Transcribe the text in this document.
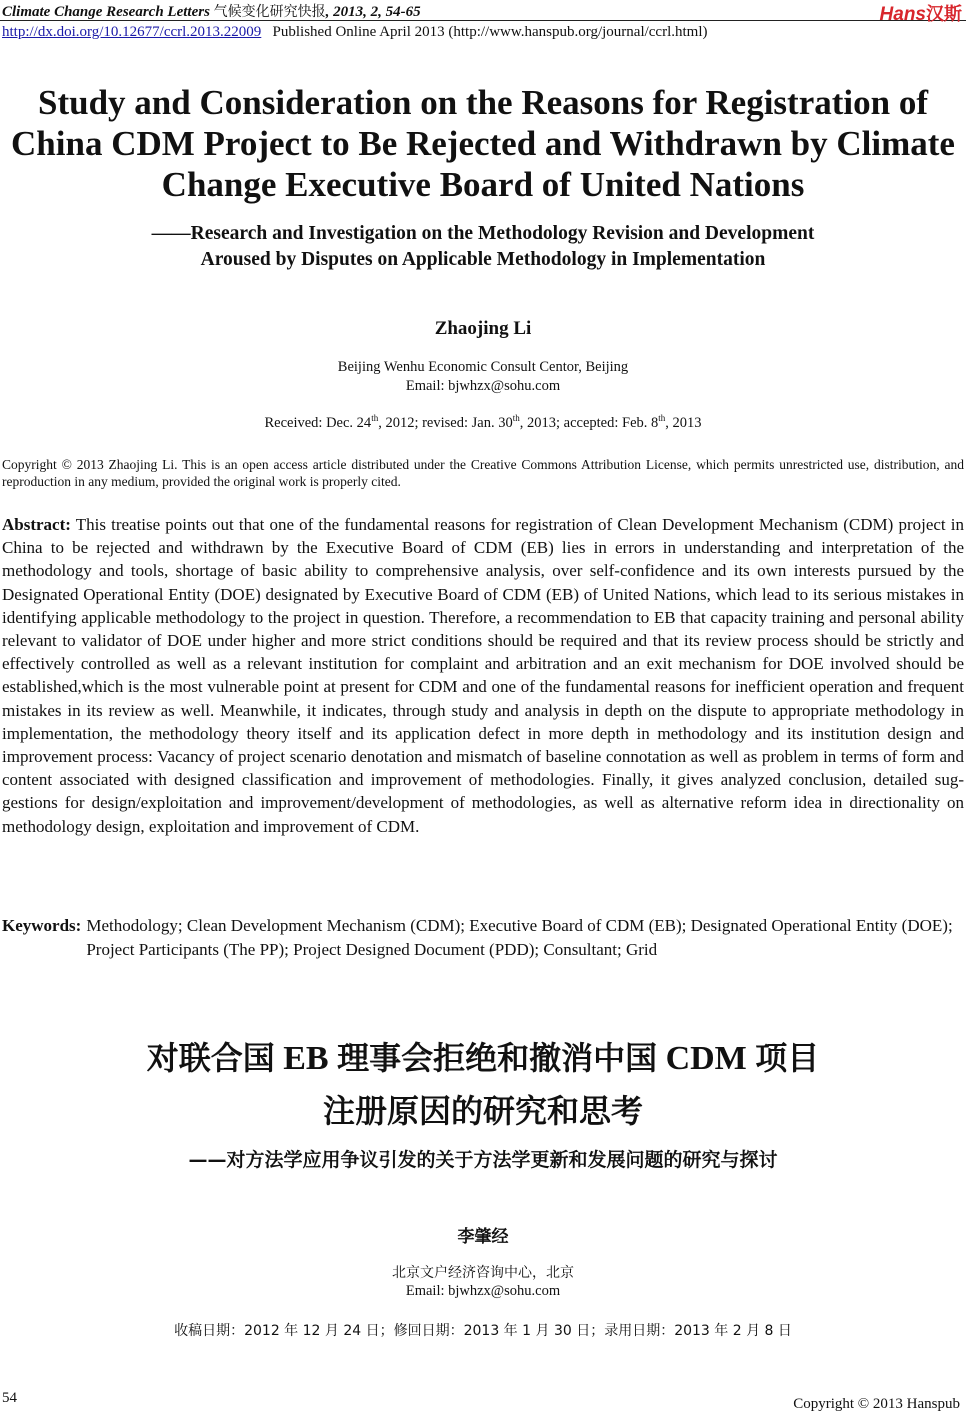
Climate Change Research Letters 气候变化研究快报, 2013, 2, 54-65
http://dx.doi.org/10.12677/ccrl.2013.22009 Published Online April 2013 (http://www.hanspub.org/journal/ccrl.html)
Hans汉斯
Study and Consideration on the Reasons for Registration of China CDM Project to Be Rejected and Withdrawn by Climate Change Executive Board of United Nations
——Research and Investigation on the Methodology Revision and Development
Aroused by Disputes on Applicable Methodology in Implementation
Zhaojing Li
Beijing Wenhu Economic Consult Centor, Beijing
Email: bjwhzx@sohu.com
Received: Dec. 24th, 2012; revised: Jan. 30th, 2013; accepted: Feb. 8th, 2013
Copyright © 2013 Zhaojing Li. This is an open access article distributed under the Creative Commons Attribution License, which permits unrestricted use, distribution, and reproduction in any medium, provided the original work is properly cited.
Abstract: This treatise points out that one of the fundamental reasons for registration of Clean Development Mechanism (CDM) project in China to be rejected and withdrawn by the Executive Board of CDM (EB) lies in errors in understanding and interpretation of the methodology and tools, shortage of basic ability to comprehensive analysis, over self-confidence and its own interests pursued by the Designated Operational Entity (DOE) designated by Executive Board of CDM (EB) of United Nations, which lead to its serious mistakes in identifying applicable methodology to the project in question. Therefore, a recommendation to EB that capacity training and personal ability relevant to validator of DOE under higher and more strict conditions should be required and that its review process should be strictly and effectively controlled as well as a relevant institution for complaint and arbitration and an exit mechanism for DOE involved should be established,which is the most vulnerable point at present for CDM and one of the fundamental reasons for inefficient operation and frequent mistakes in its review as well. Meanwhile, it indicates, through study and analysis in depth on the dispute to appropriate methodology in implementation, the methodology theory itself and its application defect in more depth in methodology and its institution design and improvement process: Vacancy of project scenario denotation and mismatch of baseline connotation as well as problem in terms of form and content associated with designed classification and improvement of methodologies. Finally, it gives analyzed conclusion, detailed suggestions for design/exploitation and improvement/development of methodologies, as well as alternative reform idea in directionality on methodology design, exploitation and improvement of CDM.
Keywords: Methodology; Clean Development Mechanism (CDM); Executive Board of CDM (EB); Designated Operational Entity (DOE); Project Participants (The PP); Project Designed Document (PDD); Consultant; Grid
对联合国 EB 理事会拒绝和撤消中国 CDM 项目
注册原因的研究和思考
——对方法学应用争议引发的关于方法学更新和发展问题的研究与探讨
李肇经
北京文户经济咨询中心，北京
Email: bjwhzx@sohu.com
收稿日期：2012 年 12 月 24 日；修回日期：2013 年 1 月 30 日；录用日期：2013 年 2 月 8 日
54	Copyright © 2013 Hanspub
